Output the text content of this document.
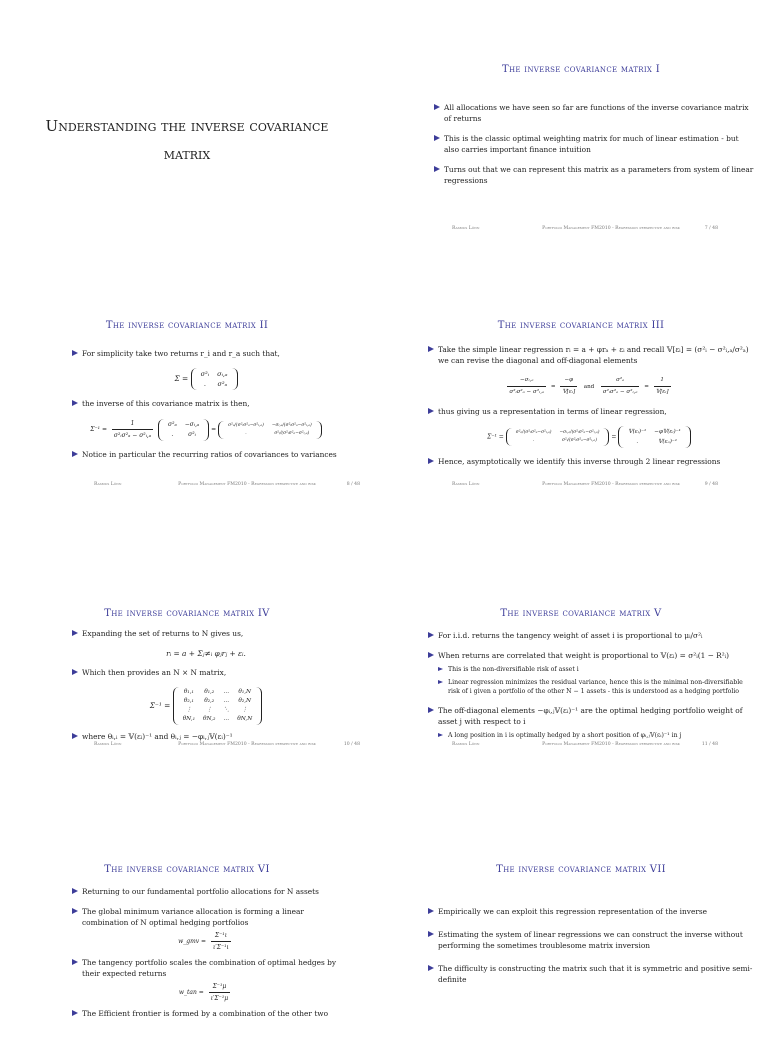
Understanding the inverse covariance matrix
The inverse covariance matrix I
All allocations we have seen so far are functions of the inverse covariance matrix of returns
This is the classic optimal weighting matrix for much of linear estimation - but also carries important finance intuition
Turns out that we can represent this matrix as a parameters from system of linear regressions
Rasmus Lönn	Portfolio Management FM2010 - Regression perspective and risk	7 / 48
The inverse covariance matrix II
For simplicity take two returns r_i and r_a such that,
Σ = σ²ᵢ	σᵢ,ₐ
.	σ²ₐ
the inverse of this covariance matrix is then,
$\Sigma^{-1} = \frac{1}{\text{σ²ᵢσ²ₐ − σ²ᵢ,ₐ}}$
σ²ₐ	−σᵢ,ₐ
.	σ²ᵢ
=
σ²ₐ/(σ²ᵢσ²ₐ−σ²ᵢ,ₐ)	−σᵢ,ₐ/(σ²ᵢσ²ₐ−σ²ᵢ,ₐ)
.	σ²ᵢ/(σ²ᵢσ²ₐ−σ²ᵢ,ₐ)
Notice in particular the recurring ratios of covariances to variances
Rasmus Lönn	Portfolio Management FM2010 - Regression perspective and risk	8 / 48
The inverse covariance matrix III
Take the simple linear regression rᵢ = a + φrₐ + εᵢ and recall 𝕍[εᵢ] = (σ²ᵢ − σ²ᵢ,ₐ/σ²ₐ) we can revise the diagonal and off-diagonal elements
$\frac{\text{−σᵢ,ₐ}}{\text{σ²ᵢσ²ₐ − σ²ᵢ,ₐ}} = \frac{-\varphi}{\text{𝕍[εᵢ]}}$ and $\frac{\text{σ²ₐ}}{\text{σ²ᵢσ²ₐ − σ²ᵢ,ₐ}} = \frac{1}{\text{𝕍[εᵢ]}}$
thus giving us a representation in terms of linear regression,
Σ⁻¹ =
σ²ₐ/(σ²ᵢσ²ₐ−σ²ᵢ,ₐ)	−σᵢ,ₐ/(σ²ᵢσ²ₐ−σ²ᵢ,ₐ)
.	σ²ᵢ/(σ²ᵢσ²ₐ−σ²ᵢ,ₐ) =
𝕍(εᵢ)⁻¹	−φ𝕍(εᵢ)⁻¹
.	𝕍(εₐ)⁻¹
Hence, asymptotically we identify this inverse through 2 linear regressions
Rasmus Lönn	Portfolio Management FM2010 - Regression perspective and risk	9 / 48
The inverse covariance matrix IV
Expanding the set of returns to N gives us,
rᵢ = a + Σⱼ≠ᵢ φⱼrⱼ + εᵢ.
Which then provides an N × N matrix,
Σ⁻¹ =
θ₁,₁	θ₁,₂	…	θ₁,N
θ₂,₁	θ₂,₂	…	θ₂,N
⋮	⋮	⋱	⋮
θN,₁	θN,₂	…	θN,N
where θᵢ,ᵢ = 𝕍(εᵢ)⁻¹ and θᵢ,ⱼ = −φᵢ,ⱼ𝕍(εᵢ)⁻¹
Rasmus Lönn	Portfolio Management FM2010 - Regression perspective and risk	10 / 48
The inverse covariance matrix V
For i.i.d. returns the tangency weight of asset i is proportional to μᵢ/σ²ᵢ
When returns are correlated that weight is proportional to 𝕍(εᵢ) = σ²ᵢ(1 − R²ᵢ)
This is the non-diversifiable risk of asset i
Linear regression minimizes the residual variance, hence this is the minimal non-diversifiable risk of i given a portfolio of the other N − 1 assets - this is understood as a hedging portfolio
The off-diagonal elements −φᵢ,ⱼ𝕍(εᵢ)⁻¹ are the optimal hedging portfolio weight of asset j with respect to i
A long position in i is optimally hedged by a short position of φᵢ,ⱼ𝕍(εᵢ)⁻¹ in j
Rasmus Lönn	Portfolio Management FM2010 - Regression perspective and risk	11 / 48
The inverse covariance matrix VI
Returning to our fundamental portfolio allocations for N assets
The global minimum variance allocation is forming a linear combination of N optimal hedging portfolios
w_gmv = $\frac{\text{Σ⁻¹ι}}{\text{ι′Σ⁻¹ι}}$
The tangency portfolio scales the combination of optimal hedges by their expected returns
w_tan = $\frac{\text{Σ⁻¹μ}}{\text{ι′Σ⁻¹μ}}$
The Efficient frontier is formed by a combination of the other two
The inverse covariance matrix VII
Empirically we can exploit this regression representation of the inverse
Estimating the system of linear regressions we can construct the inverse without performing the sometimes troublesome matrix inversion
The difficulty is constructing the matrix such that it is symmetric and positive semi-definite
